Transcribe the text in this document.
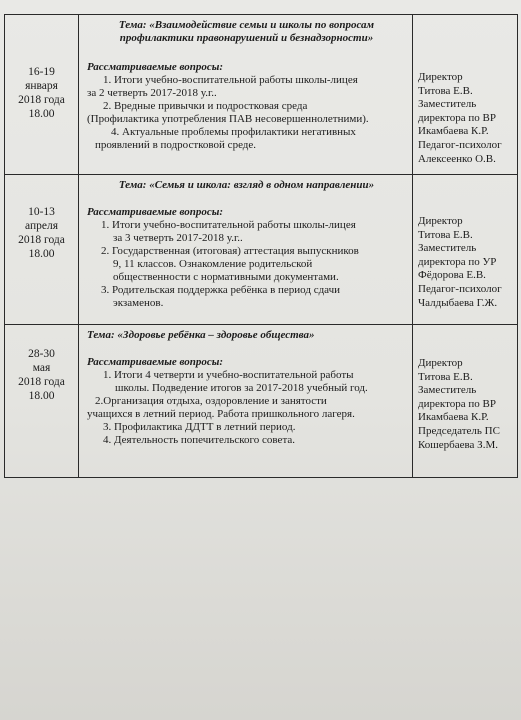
16-19
января
2018 года
18.00

Тема: «Взаимодействие семьи и школы по вопросам
профилактики правонарушений и безнадзорности»

Рассматриваемые вопросы:

1. Итоги учебно-воспитательной работы школы-лицея
за 2 четверть 2017-2018 у.г..
2. Вредные привычки и подростковая среда
(Профилактика употребления ПАВ несовершеннолетними).
4. Актуальные проблемы профилактики негативных
проявлений в подростковой среде.
Директор
Титова Е.В.
Заместитель
директора по ВР
Икамбаева К.Р.
Педагог-психолог
Алексеенко О.В.
10-13
апреля
2018 года
18.00

Тема: «Семья и школа: взгляд в одном направлении»

Рассматриваемые вопросы:

1. Итоги учебно-воспитательной работы школы-лицея
за 3 четверть 2017-2018 у.г..
2. Государственная (итоговая) аттестация выпускников
9, 11 классов. Ознакомление родительской
общественности с нормативными документами.
3. Родительская поддержка ребёнка в период сдачи
экзаменов.
Директор
Титова Е.В.
Заместитель
директора по УР
Фёдорова Е.В.
Педагог-психолог
Чалдыбаева Г.Ж.
28-30
мая
2018 года
18.00

Тема: «Здоровье ребёнка – здоровье общества»

Рассматриваемые вопросы:

1. Итоги 4 четверти и учебно-воспитательной работы
школы. Подведение итогов за 2017-2018 учебный год.
2.Организация отдыха, оздоровление и занятости
учащихся в летний период. Работа пришкольного лагеря.
3. Профилактика ДДТТ в летний период.
4. Деятельность попечительского совета.
Директор
Титова Е.В.
Заместитель
директора по ВР
Икамбаева К.Р.
Председатель ПС
Кошербаева З.М.
